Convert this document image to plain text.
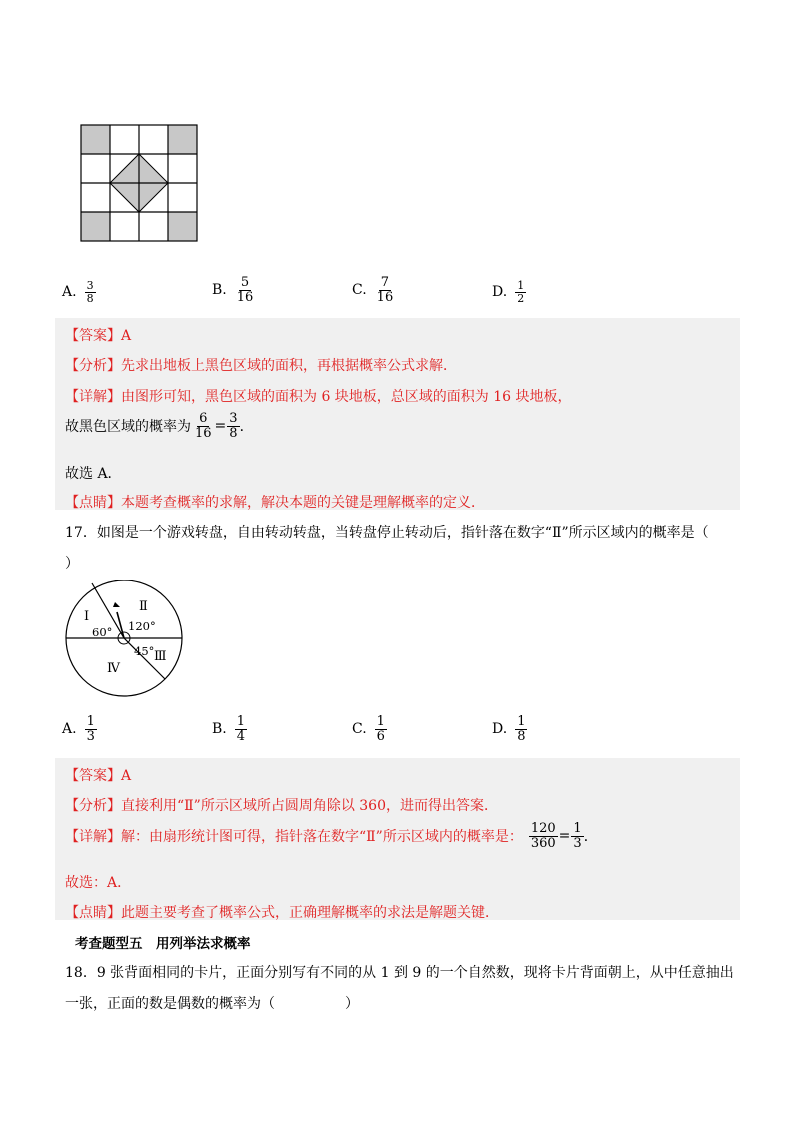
A. $\frac{3}{8}$	B. $\frac{5}{16}$	C. $\frac{7}{16}$	D. $\frac{1}{2}$
【答案】A
【分析】先求出地板上黑色区域的面积，再根据概率公式求解．
【详解】由图形可知，黑色区域的面积为 6 块地板，总区域的面积为 16 块地板，
故黑色区域的概率为 $\frac{6}{16} = \frac{3}{8}$ ．
故选 A．
【点睛】本题考查概率的求解，解决本题的关键是理解概率的定义．
17．如图是一个游戏转盘，自由转动转盘，当转盘停止转动后，指针落在数字“Ⅱ”所示区域内的概率是（
）
Ⅰ
Ⅱ
Ⅲ
Ⅳ
60° 120°
45°
A. $\frac{1}{3}$	B. $\frac{1}{4}$	C. $\frac{1}{6}$	D. $\frac{1}{8}$
【答案】A
【分析】直接利用“Ⅱ”所示区域所占圆周角除以 360，进而得出答案．
【详解】解：由扇形统计图可得，指针落在数字“Ⅱ”所示区域内的概率是： $\frac{120}{360} = \frac{1}{3}$ ．
故选：A．
【点睛】此题主要考查了概率公式，正确理解概率的求法是解题关键．
考查题型五　用列举法求概率
18．9 张背面相同的卡片，正面分别写有不同的从 1 到 9 的一个自然数，现将卡片背面朝上，从中任意抽出
一张，正面的数是偶数的概率为（　　　　　）
